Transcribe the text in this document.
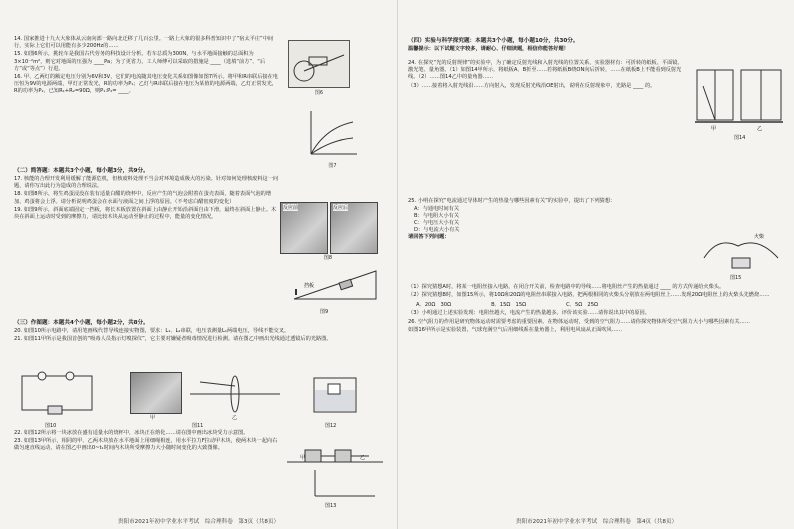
14. 国家推进十九大大象体从云南向部一路向北迁移了几百公里。一路上大象的很多科普知识中了“宿太平庄”中间行，实际上它们可以用能有多少200Hz的……
15. 如图6所示，挑轮车是我国古代劳务的科技设计分析。若车总质为300N，与水平地面接触的总面积为3×10⁻²m²，则它对地面的压强为 ____Pa；为了更省力，工人师傅可以采取的措施是 ____（选填“前方”、“后方”或“等点”）行进。
16. 甲、乙两灯的额定电压分别为6V和3V，它们的电流随其电压变化关系如图像如图7所示。将甲和R串联后接在电压恒为9V的电源两端，甲灯正常发光，R的功率为P₁；乙灯与R串联后接在电压为某值的电源两端，乙灯正常发光，R的功率为P₂，已知R₁+R₂=90Ω，则P₁:P₂= ____。	图6
图7
（二）简答题：本题共3个小题，每小题3分，共9分。
17. 核能的合理开发利用缓解了能源危机，但核废料处理不当会对环境造成极大的污染。针对如何处理核废料这一问题，请你写出此行为造成的合理说法。
18. 如图8所示，将生鸡蛋浸没在装有适量白醋的烧杯中，反应产生的气泡会附着在蛋壳表面，随着表面气泡的增加，鸡蛋将会上浮。请分析说明鸡蛋会在水面与液面之间上浮的原因。（不考虑白醋密度的变化）
19. 如图9所示，斜面底端固定一挡板，将长木板放置在斜面上由静止开始沿斜面自由下滑，最终在斜面上静止。木块在斜面上运动时受到的摩擦力，请比较木块从运动至静止的过程中，能量的变化情况。
反应前	反应后
图8
挡板
图9
（三）作图题：本题共4个小题，每小题2分，共8分。
20. 如图10所示电路中，请用笔画线代替导线连接实物图，要求：L₁、L₂串联，电压表测量L₁两端电压，导线不能交叉。
21. 如图11甲所示是我国首创的“吸毒人员指示灯嗅探仪”，它主要对嫌疑者吸毒情况进行检测。请在图乙中画出光线通过透镜后的光路图。
图10
甲	乙
图11	图12
22. 如图12所示将一块冰放在盛有适量水的烧杯中，冰块正在熔化……请在图中画出冰块受力示意图。
23. 如图13甲所示，相同的甲、乙两木块放在水平地面上用细绳相连，用水平拉力F拉动甲木块，使两木块一起向右做匀速直线运动，请在图乙中画出0~t₁时间内木块所受摩擦力大小随时间变化的大致图像。
甲	乙
图13
贵阳市2021年初中学业水平考试　综合理科卷　第3页（共8页）
（四）实验与科学探究题：本题共3个小题，每小题10分，共30分。
温馨提示：以下试题文字较多，请耐心、仔细读题，相信你能答好题！
24. 在探究“光的反射规律”的实验中，为了确定反射光线和入射光线的位置关系，实验器材有：可折转的纸板、平面镜、激光笔、量角器。（1）如图14甲所示，将纸板A、B折至……若将纸板B绕ON向后折转，……在纸板B上不能看到反射光线。（2）……图14乙中的量角器……
（3）……接着将入射光线沿……方向射入，发现反射光线沿OE射出，说明在反射现象中，光路是 ____ 的。
甲	乙
图14
25. 小明在探究“电流通过导体时产生的热量与哪些因素有关”的实验中，提出了下列猜想：
A：与通电时间有关
B：与电阻大小有关
C：与电压大小有关
D：与电流大小有关
请回答下列问题：	火柴
图15
（1）探究猜想A时，将某一电阻丝接入电路，在闭合开关前，检查电路中的导线……将电阻丝产生的热量通过 ____ 的方式传递给火柴头。
（2）探究猜想B时，如图15所示，将10Ω和20Ω的电阻丝串联接入电路，把两根相同的火柴头分别放在两电阻丝上……发现20Ω电阻丝上的火柴头先燃烧……
A．20Ω　30Ω	B．15Ω　15Ω	C．5Ω　25Ω
（3）小明通过上述实验发现：电阻丝越大，电流产生的热量越多。评价该实验……请你说出其中的原因。
26. 空气阻力的作用是研究物体运动时需要考虑的重要因素。在物体运动时，受到的空气阻力……请你探究物体所受空气阻力大小与哪些因素有关……
如图16甲所示是实验装置，气球充满空气后用细线系在量角器上，利用电风扇从正面吹风……
贵阳市2021年初中学业水平考试　综合理科卷　第4页（共8页）
